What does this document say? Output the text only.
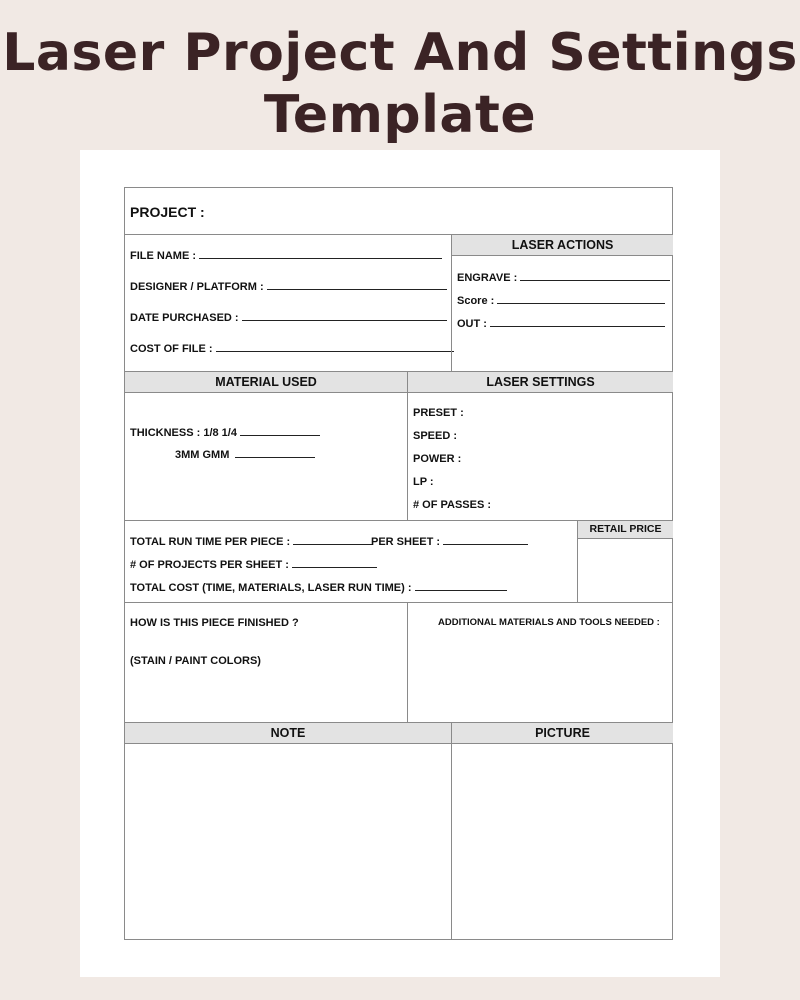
Laser Project And Settings
Template
PROJECT :
FILE NAME :
DESIGNER / PLATFORM :
DATE PURCHASED :
COST OF FILE :
LASER ACTIONS
ENGRAVE :
Score :
OUT :
MATERIAL USED
THICKNESS : 1/8 1/4
3MM GMM
LASER SETTINGS
PRESET :
SPEED :
POWER :
LP :
# OF PASSES :
TOTAL RUN TIME PER PIECE :	PER SHEET :
# OF PROJECTS PER SHEET :
TOTAL COST (TIME, MATERIALS, LASER RUN TIME) :
RETAIL PRICE
HOW IS THIS PIECE FINISHED ?
(STAIN / PAINT COLORS)
ADDITIONAL MATERIALS AND TOOLS NEEDED :
NOTE	PICTURE
